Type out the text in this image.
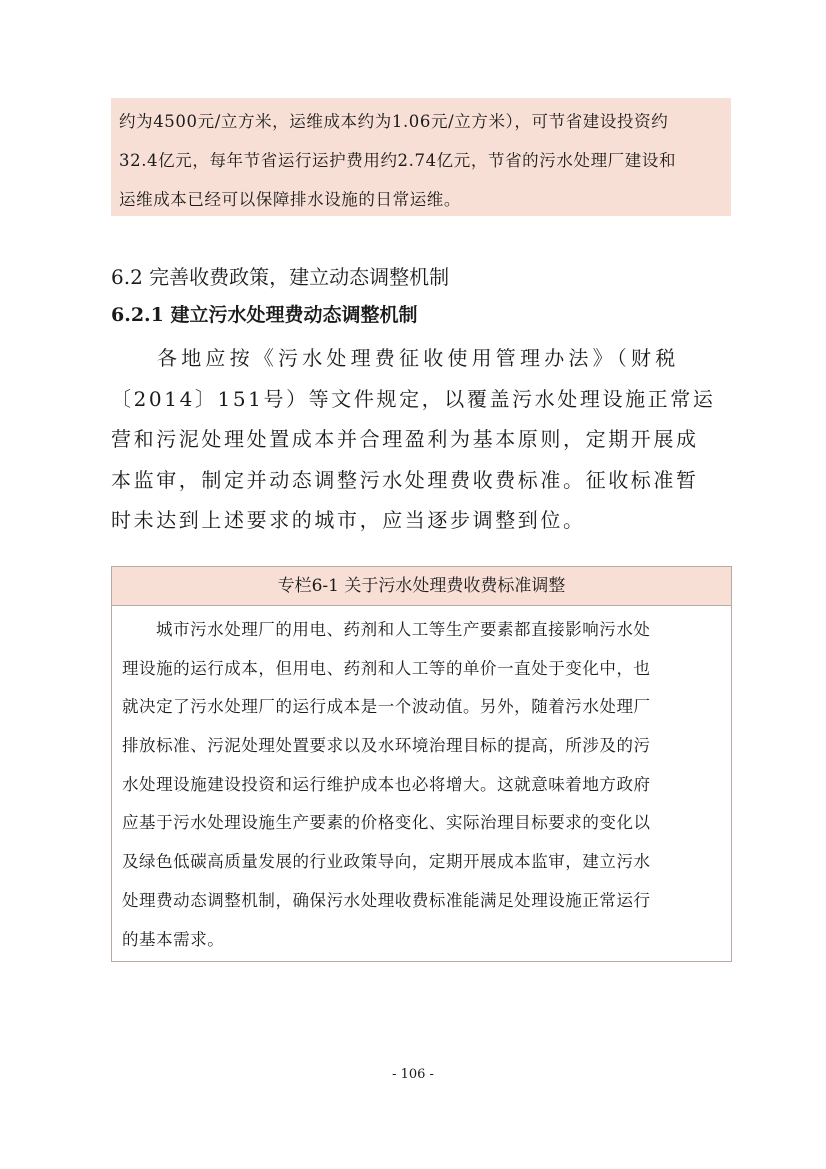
约为4500元/立方米，运维成本约为1.06元/立方米），可节省建设投资约
32.4亿元，每年节省运行运护费用约2.74亿元，节省的污水处理厂建设和
运维成本已经可以保障排水设施的日常运维。
6.2 完善收费政策，建立动态调整机制
6.2.1 建立污水处理费动态调整机制
各地应按《污水处理费征收使用管理办法》（财税
〔2014〕151号）等文件规定，以覆盖污水处理设施正常运
营和污泥处理处置成本并合理盈利为基本原则，定期开展成
本监审，制定并动态调整污水处理费收费标准。征收标准暂
时未达到上述要求的城市，应当逐步调整到位。
专栏6-1 关于污水处理费收费标准调整
城市污水处理厂的用电、药剂和人工等生产要素都直接影响污水处
理设施的运行成本，但用电、药剂和人工等的单价一直处于变化中，也
就决定了污水处理厂的运行成本是一个波动值。另外，随着污水处理厂
排放标准、污泥处理处置要求以及水环境治理目标的提高，所涉及的污
水处理设施建设投资和运行维护成本也必将增大。这就意味着地方政府
应基于污水处理设施生产要素的价格变化、实际治理目标要求的变化以
及绿色低碳高质量发展的行业政策导向，定期开展成本监审，建立污水
处理费动态调整机制，确保污水处理收费标准能满足处理设施正常运行
的基本需求。
- 106 -
